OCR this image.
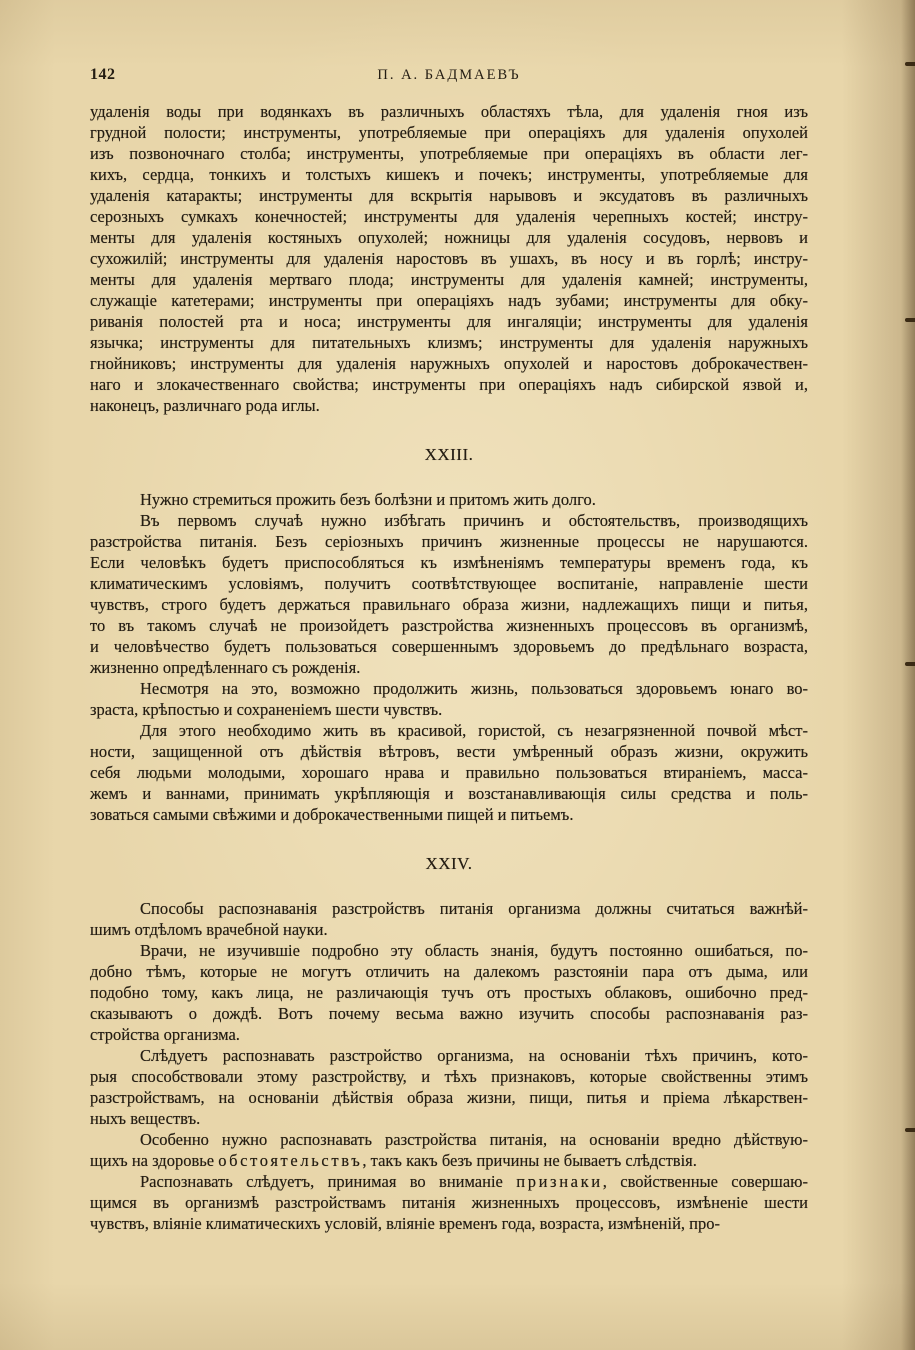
142	П. А. БАДМАЕВЪ
удаленія воды при водянкахъ въ различныхъ областяхъ тѣла, для удаленія гноя изъ
грудной полости; инструменты, употребляемые при операціяхъ для удаленія опухолей
изъ позвоночнаго столба; инструменты, употребляемые при операціяхъ въ области лег-
кихъ, сердца, тонкихъ и толстыхъ кишекъ и почекъ; инструменты, употребляемые для
удаленія катаракты; инструменты для вскрытія нарывовъ и эксудатовъ въ различныхъ
серозныхъ сумкахъ конечностей; инструменты для удаленія черепныхъ костей; инстру-
менты для удаленія костяныхъ опухолей; ножницы для удаленія сосудовъ, нервовъ и
сухожилій; инструменты для удаленія наростовъ въ ушахъ, въ носу и въ горлѣ; инстру-
менты для удаленія мертваго плода; инструменты для удаленія камней; инструменты,
служащіе катетерами; инструменты при операціяхъ надъ зубами; инструменты для обку-
риванія полостей рта и носа; инструменты для ингаляціи; инструменты для удаленія
язычка; инструменты для питательныхъ клизмъ; инструменты для удаленія наружныхъ
гнойниковъ; инструменты для удаленія наружныхъ опухолей и наростовъ доброкачествен-
наго и злокачественнаго свойства; инструменты при операціяхъ надъ сибирской язвой и,
наконецъ, различнаго рода иглы.
XXIII.
Нужно стремиться прожить безъ болѣзни и притомъ жить долго.
Въ первомъ случаѣ нужно избѣгать причинъ и обстоятельствъ, производящихъ
разстройства питанія. Безъ серіозныхъ причинъ жизненные процессы не нарушаются.
Если человѣкъ будетъ приспособляться къ измѣненіямъ температуры временъ года, къ
климатическимъ условіямъ, получитъ соотвѣтствующее воспитаніе, направленіе шести
чувствъ, строго будетъ держаться правильнаго образа жизни, надлежащихъ пищи и питья,
то въ такомъ случаѣ не произойдетъ разстройства жизненныхъ процессовъ въ организмѣ,
и человѣчество будетъ пользоваться совершеннымъ здоровьемъ до предѣльнаго возраста,
жизненно опредѣленнаго съ рожденія.
Несмотря на это, возможно продолжить жизнь, пользоваться здоровьемъ юнаго во-
зраста, крѣпостью и сохраненіемъ шести чувствъ.
Для этого необходимо жить въ красивой, гористой, съ незагрязненной почвой мѣст-
ности, защищенной отъ дѣйствія вѣтровъ, вести умѣренный образъ жизни, окружить
себя людьми молодыми, хорошаго нрава и правильно пользоваться втираніемъ, масса-
жемъ и ваннами, принимать укрѣпляющія и возстанавливающія силы средства и поль-
зоваться самыми свѣжими и доброкачественными пищей и питьемъ.
XXIV.
Способы распознаванія разстройствъ питанія организма должны считаться важнѣй-
шимъ отдѣломъ врачебной науки.
Врачи, не изучившіе подробно эту область знанія, будутъ постоянно ошибаться, по-
добно тѣмъ, которые не могутъ отличить на далекомъ разстояніи пара отъ дыма, или
подобно тому, какъ лица, не различающія тучъ отъ простыхъ облаковъ, ошибочно пред-
сказываютъ о дождѣ. Вотъ почему весьма важно изучить способы распознаванія раз-
стройства организма.
Слѣдуетъ распознавать разстройство организма, на основаніи тѣхъ причинъ, кото-
рыя способствовали этому разстройству, и тѣхъ признаковъ, которые свойственны этимъ
разстройствамъ, на основаніи дѣйствія образа жизни, пищи, питья и пріема лѣкарствен-
ныхъ веществъ.
Особенно нужно распознавать разстройства питанія, на основаніи вредно дѣйствую-
щихъ на здоровье обстоятельствъ, такъ какъ безъ причины не бываетъ слѣдствія.
Распознавать слѣдуетъ, принимая во вниманіе признаки, свойственные совершаю-
щимся въ организмѣ разстройствамъ питанія жизненныхъ процессовъ, измѣненіе шести
чувствъ, вліяніе климатическихъ условій, вліяніе временъ года, возраста, измѣненій, про-
